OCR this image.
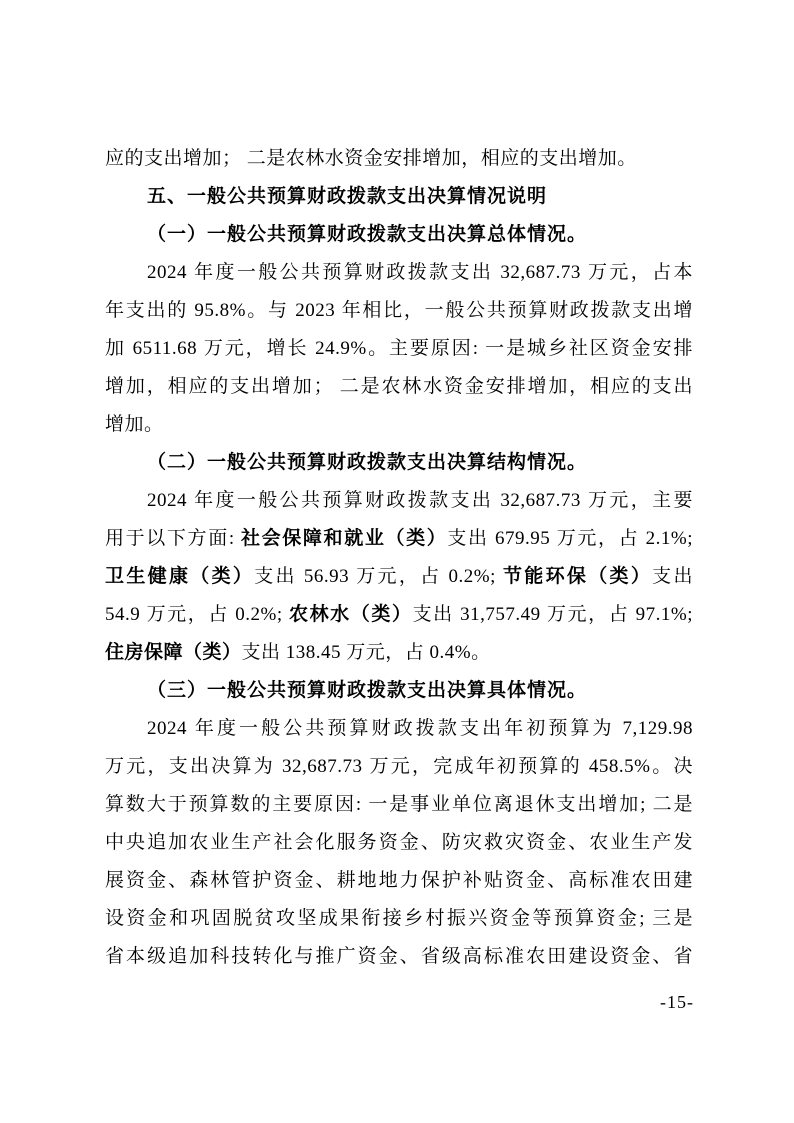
应的支出增加； 二是农林水资金安排增加，相应的支出增加。
五、一般公共预算财政拨款支出决算情况说明
（一）一般公共预算财政拨款支出决算总体情况。
2024 年度一般公共预算财政拨款支出 32,687.73 万元，占本
年支出的 95.8%。与 2023 年相比，一般公共预算财政拨款支出增
加 6511.68 万元，增长 24.9%。主要原因: 一是城乡社区资金安排
增加，相应的支出增加； 二是农林水资金安排增加，相应的支出
增加。
（二）一般公共预算财政拨款支出决算结构情况。
2024 年度一般公共预算财政拨款支出 32,687.73 万元，主要
用于以下方面: 社会保障和就业（类）支出 679.95 万元，占 2.1%;
卫生健康（类）支出 56.93 万元，占 0.2%; 节能环保（类）支出
54.9 万元，占 0.2%; 农林水（类）支出 31,757.49 万元，占 97.1%;
住房保障（类）支出 138.45 万元，占 0.4%。
（三）一般公共预算财政拨款支出决算具体情况。
2024 年度一般公共预算财政拨款支出年初预算为 7,129.98
万元，支出决算为 32,687.73 万元，完成年初预算的 458.5%。决
算数大于预算数的主要原因: 一是事业单位离退休支出增加; 二是
中央追加农业生产社会化服务资金、防灾救灾资金、农业生产发
展资金、森林管护资金、耕地地力保护补贴资金、高标准农田建
设资金和巩固脱贫攻坚成果衔接乡村振兴资金等预算资金; 三是
省本级追加科技转化与推广资金、省级高标准农田建设资金、省
-15-
